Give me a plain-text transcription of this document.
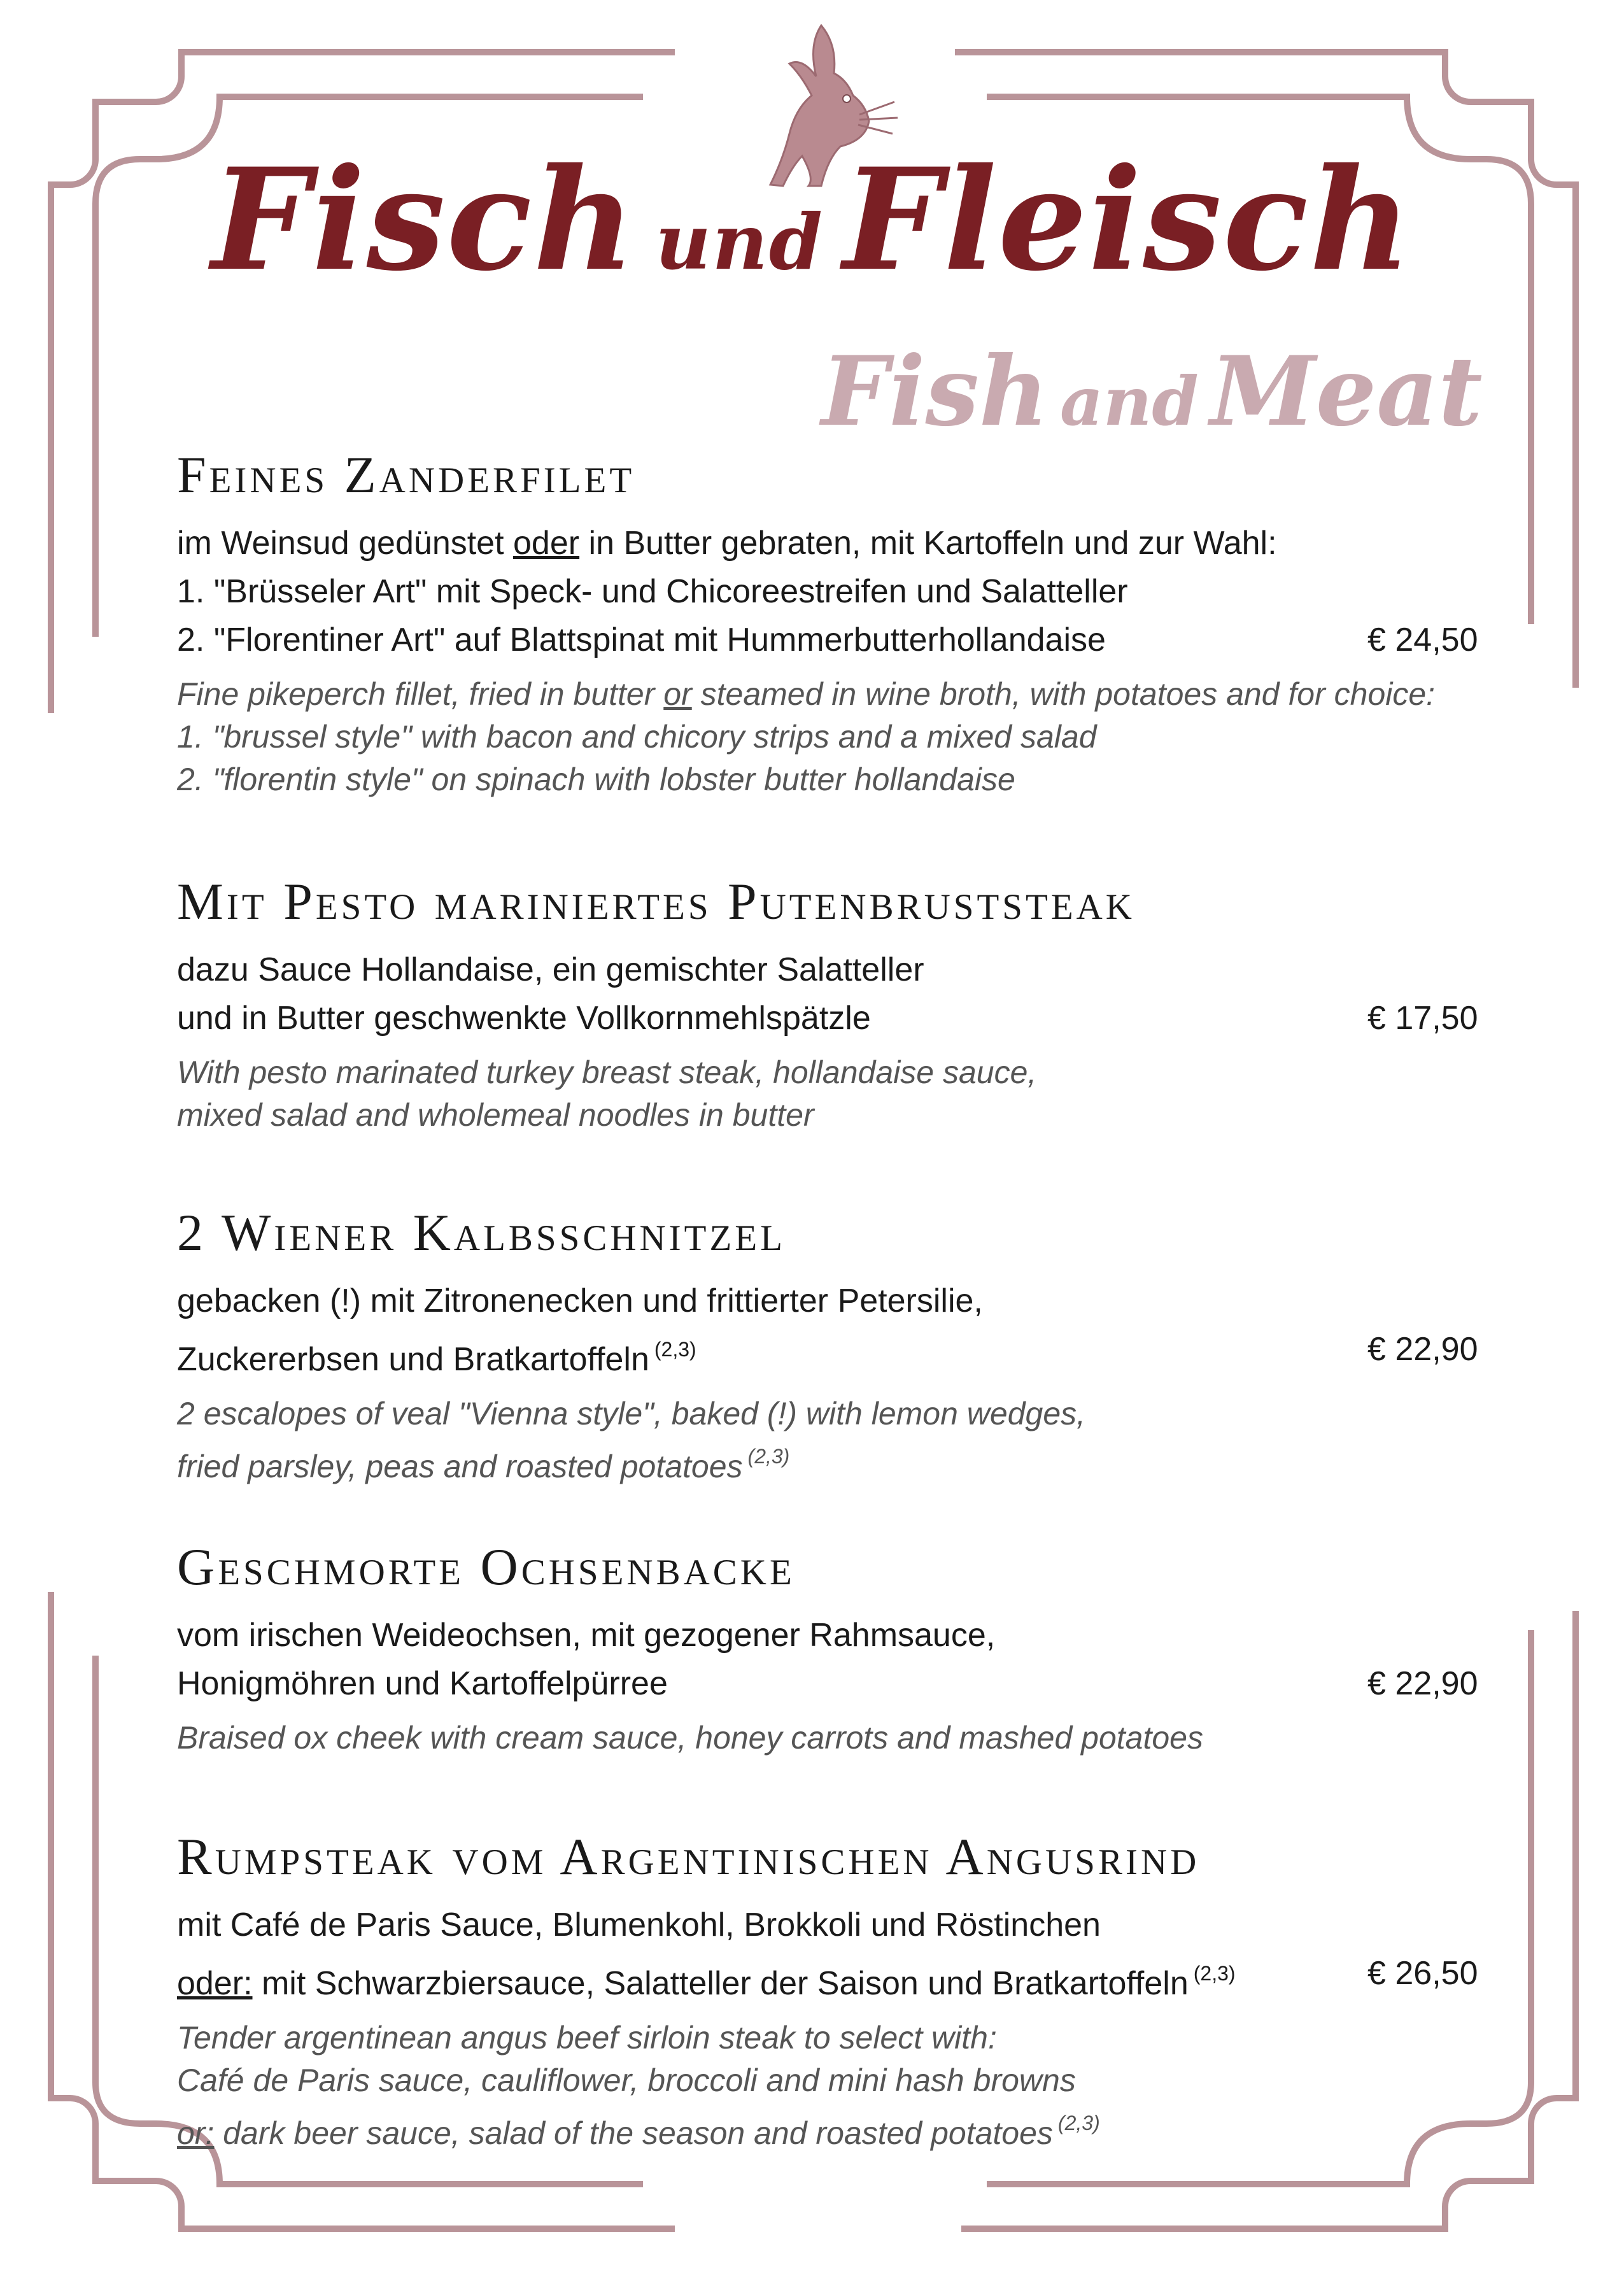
Fisch und Fleisch
Fish and Meat
Feines Zanderfilet
im Weinsud gedünstet oder in Butter gebraten, mit Kartoffeln und zur Wahl:
1. "Brüsseler Art" mit Speck- und Chicoreestreifen und Salatteller
2. "Florentiner Art" auf Blattspinat mit Hummerbutterhollandaise	€ 24,50
Fine pikeperch fillet, fried in butter or steamed in wine broth, with potatoes and for choice:
1. "brussel style" with bacon and chicory strips and a mixed salad
2. "florentin style" on spinach with lobster butter hollandaise
Mit Pesto mariniertes Putenbruststeak
dazu Sauce Hollandaise, ein gemischter Salatteller
und in Butter geschwenkte Vollkornmehlspätzle	€ 17,50
With pesto marinated turkey breast steak, hollandaise sauce,
mixed salad and wholemeal noodles in butter
2 Wiener Kalbsschnitzel
gebacken (!) mit Zitronenecken und frittierter Petersilie,
Zuckererbsen und Bratkartoffeln $^{(2,3)}$	€ 22,90
2 escalopes of veal "Vienna style", baked (!) with lemon wedges,
fried parsley, peas and roasted potatoes $^{(2,3)}$
Geschmorte Ochsenbacke
vom irischen Weideochsen, mit gezogener Rahmsauce,
Honigmöhren und Kartoffelpürree	€ 22,90
Braised ox cheek with cream sauce, honey carrots and mashed potatoes
Rumpsteak vom Argentinischen Angusrind
mit Café de Paris Sauce, Blumenkohl, Brokkoli und Röstinchen
oder: mit Schwarzbiersauce, Salatteller der Saison und Bratkartoffeln $^{(2,3)}$	€ 26,50
Tender argentinean angus beef sirloin steak to select with:
Café de Paris sauce, cauliflower, broccoli and mini hash browns
or: dark beer sauce, salad of the season and roasted potatoes $^{(2,3)}$
